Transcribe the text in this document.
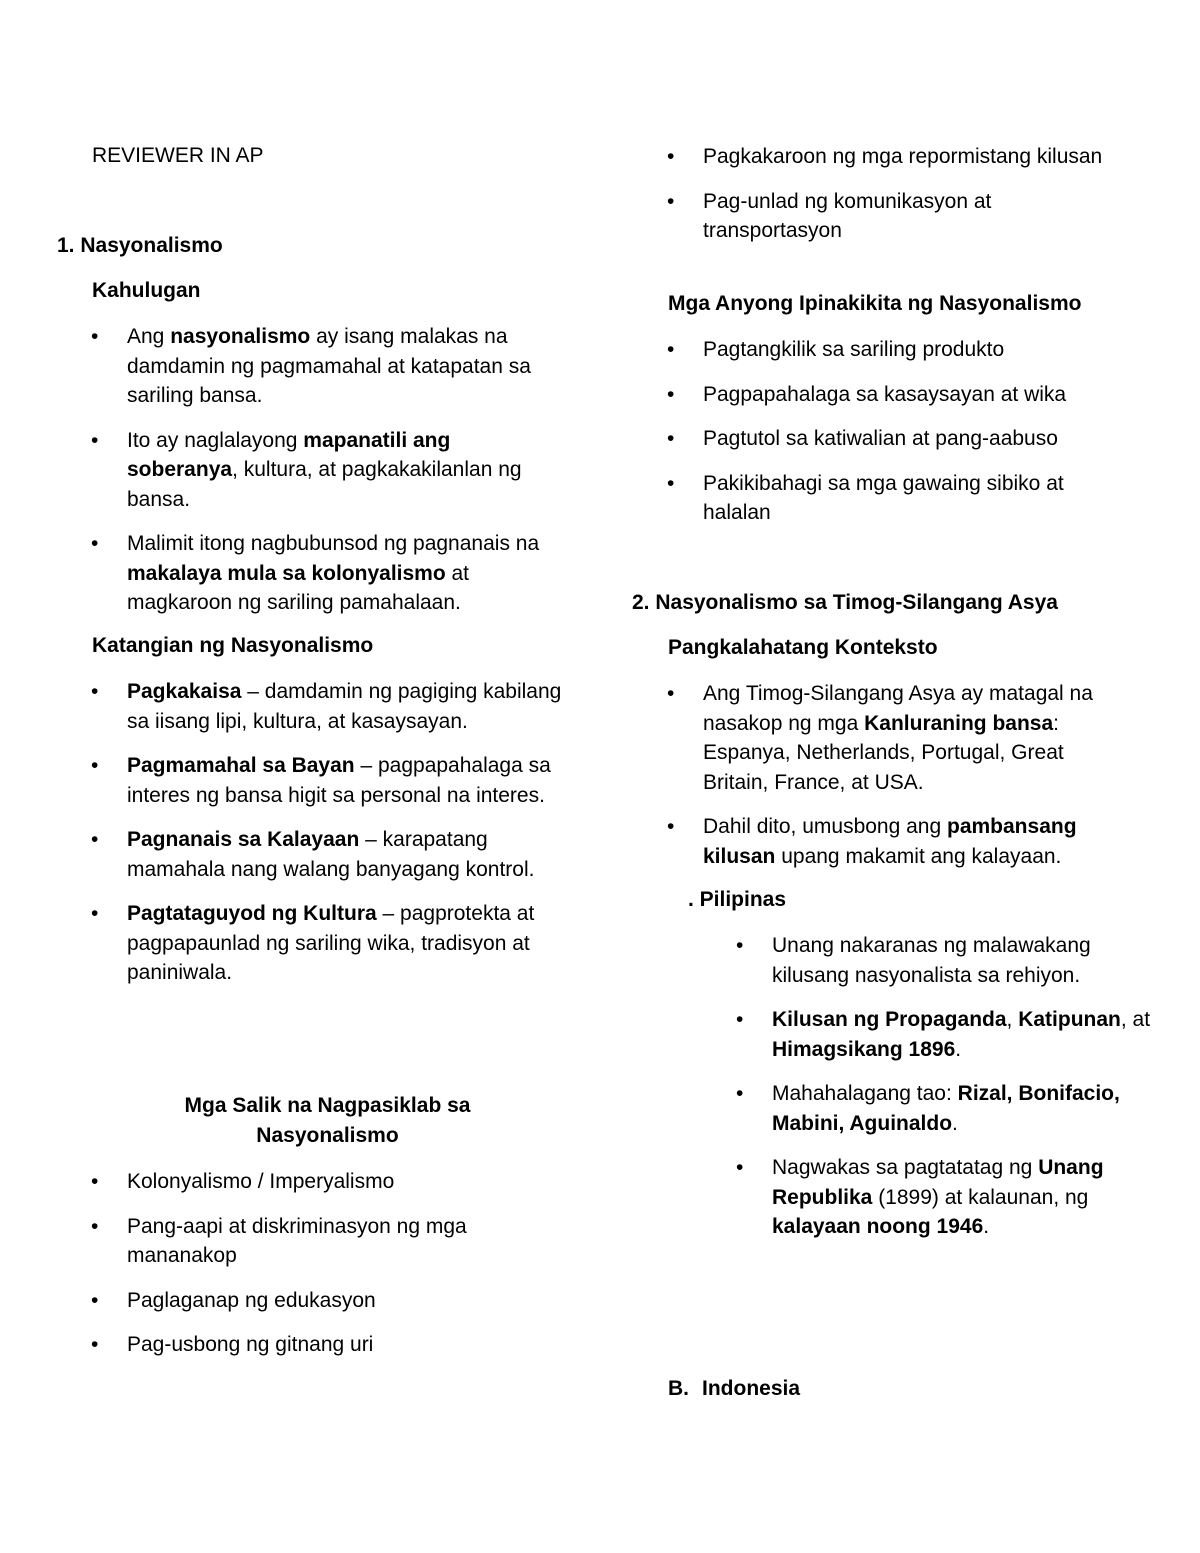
REVIEWER IN AP
1. Nasyonalismo
Kahulugan
• Ang nasyonalismo ay isang malakas na damdamin ng pagmamahal at katapatan sa sariling bansa.
• Ito ay naglalayong mapanatili ang soberanya, kultura, at pagkakakilanlan ng bansa.
• Malimit itong nagbubunsod ng pagnanais na makalaya mula sa kolonyalismo at magkaroon ng sariling pamahalaan.
Katangian ng Nasyonalismo
• Pagkakaisa – damdamin ng pagiging kabilang sa iisang lipi, kultura, at kasaysayan.
• Pagmamahal sa Bayan – pagpapahalaga sa interes ng bansa higit sa personal na interes.
• Pagnanais sa Kalayaan – karapatang mamahala nang walang banyagang kontrol.
• Pagtataguyod ng Kultura – pagprotekta at pagpapaunlad ng sariling wika, tradisyon at paniniwala.
Mga Salik na Nagpasiklab sa Nasyonalismo
• Kolonyalismo / Imperyalismo
• Pang-aapi at diskriminasyon ng mga mananakop
• Paglaganap ng edukasyon
• Pag-usbong ng gitnang uri
• Pagkakaroon ng mga repormistang kilusan
• Pag-unlad ng komunikasyon at transportasyon
Mga Anyong Ipinakikita ng Nasyonalismo
• Pagtangkilik sa sariling produkto
• Pagpapahalaga sa kasaysayan at wika
• Pagtutol sa katiwalian at pang-aabuso
• Pakikibahagi sa mga gawaing sibiko at halalan
2. Nasyonalismo sa Timog-Silangang Asya
Pangkalahatang Konteksto
• Ang Timog-Silangang Asya ay matagal na nasakop ng mga Kanluraning bansa: Espanya, Netherlands, Portugal, Great Britain, France, at USA.
• Dahil dito, umusbong ang pambansang kilusan upang makamit ang kalayaan.
. Pilipinas
• Unang nakaranas ng malawakang kilusang nasyonalista sa rehiyon.
• Kilusan ng Propaganda, Katipunan, at Himagsikang 1896.
• Mahahalagang tao: Rizal, Bonifacio, Mabini, Aguinaldo.
• Nagwakas sa pagtatatag ng Unang Republika (1899) at kalaunan, ng kalayaan noong 1946.
B. Indonesia
